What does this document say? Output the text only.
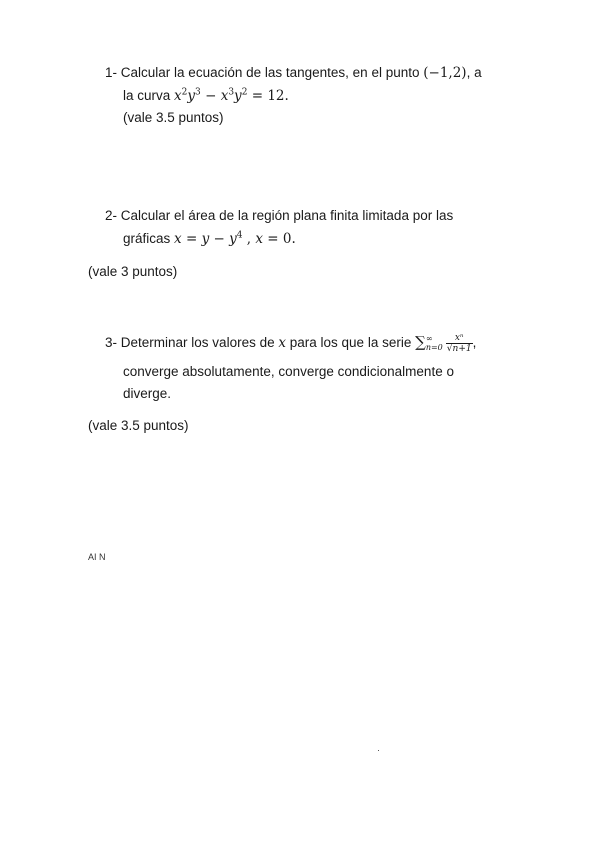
1- Calcular la ecuación de las tangentes, en el punto (−1,2), a
la curva $x^2y^3 - x^3y^2 = 12$.
(vale 3.5 puntos)
2- Calcular el área de la región plana finita limitada por las
gráficas $x = y - y^4$ , x = 0.
(vale 3 puntos)
3- Determinar los valores de x para los que la serie ∑ ∞
$n=0 \frac{\text{xⁿ}}{√n+1}$ ,
converge absolutamente, converge condicionalmente o
diverge.
(vale 3.5 puntos)
AI N
